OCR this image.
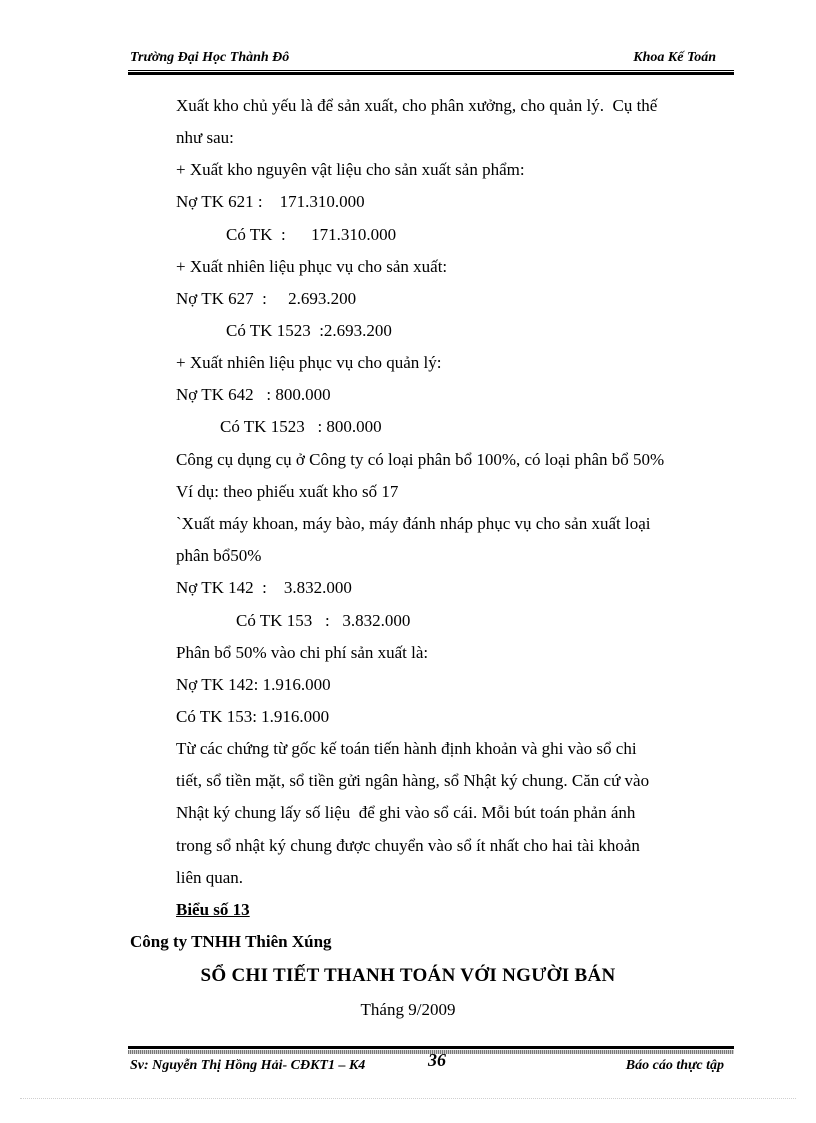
Trường Đại Học Thành Đô	Khoa Kế Toán
Xuất kho chủ yếu là để sản xuất, cho phân xưởng, cho quản lý.  Cụ thế
như sau:
+ Xuất kho nguyên vật liệu cho sản xuất sản phẩm:
Nợ TK 621 :    171.310.000
Có TK  :      171.310.000
+ Xuất nhiên liệu phục vụ cho sản xuất:
Nợ TK 627  :     2.693.200
Có TK 1523  :2.693.200
+ Xuất nhiên liệu phục vụ cho quản lý:
Nợ TK 642   : 800.000
Có TK 1523   : 800.000
Công cụ dụng cụ ở Công ty có loại phân bổ 100%, có loại phân bổ 50%
Ví dụ: theo phiếu xuất kho số 17
`Xuất máy khoan, máy bào, máy đánh nháp phục vụ cho sản xuất loại
phân bổ50%
Nợ TK 142  :    3.832.000
Có TK 153   :   3.832.000
Phân bổ 50% vào chi phí sản xuất là:
Nợ TK 142: 1.916.000
Có TK 153: 1.916.000
Từ các chứng từ gốc kế toán tiến hành định khoản và ghi vào sổ chi
tiết, sổ tiền mặt, sổ tiền gửi ngân hàng, sổ Nhật ký chung. Căn cứ vào
Nhật ký chung lấy số liệu  để ghi vào sổ cái. Mỗi bút toán phản ánh
trong sổ nhật ký chung được chuyển vào sổ ít nhất cho hai tài khoản
liên quan.
Biểu số 13
Công ty TNHH Thiên Xúng
SỔ CHI TIẾT THANH TOÁN VỚI NGƯỜI BÁN
Tháng 9/2009
Sv: Nguyễn Thị Hồng Hải- CĐKT1 – K4	36	Báo cáo thực tập
